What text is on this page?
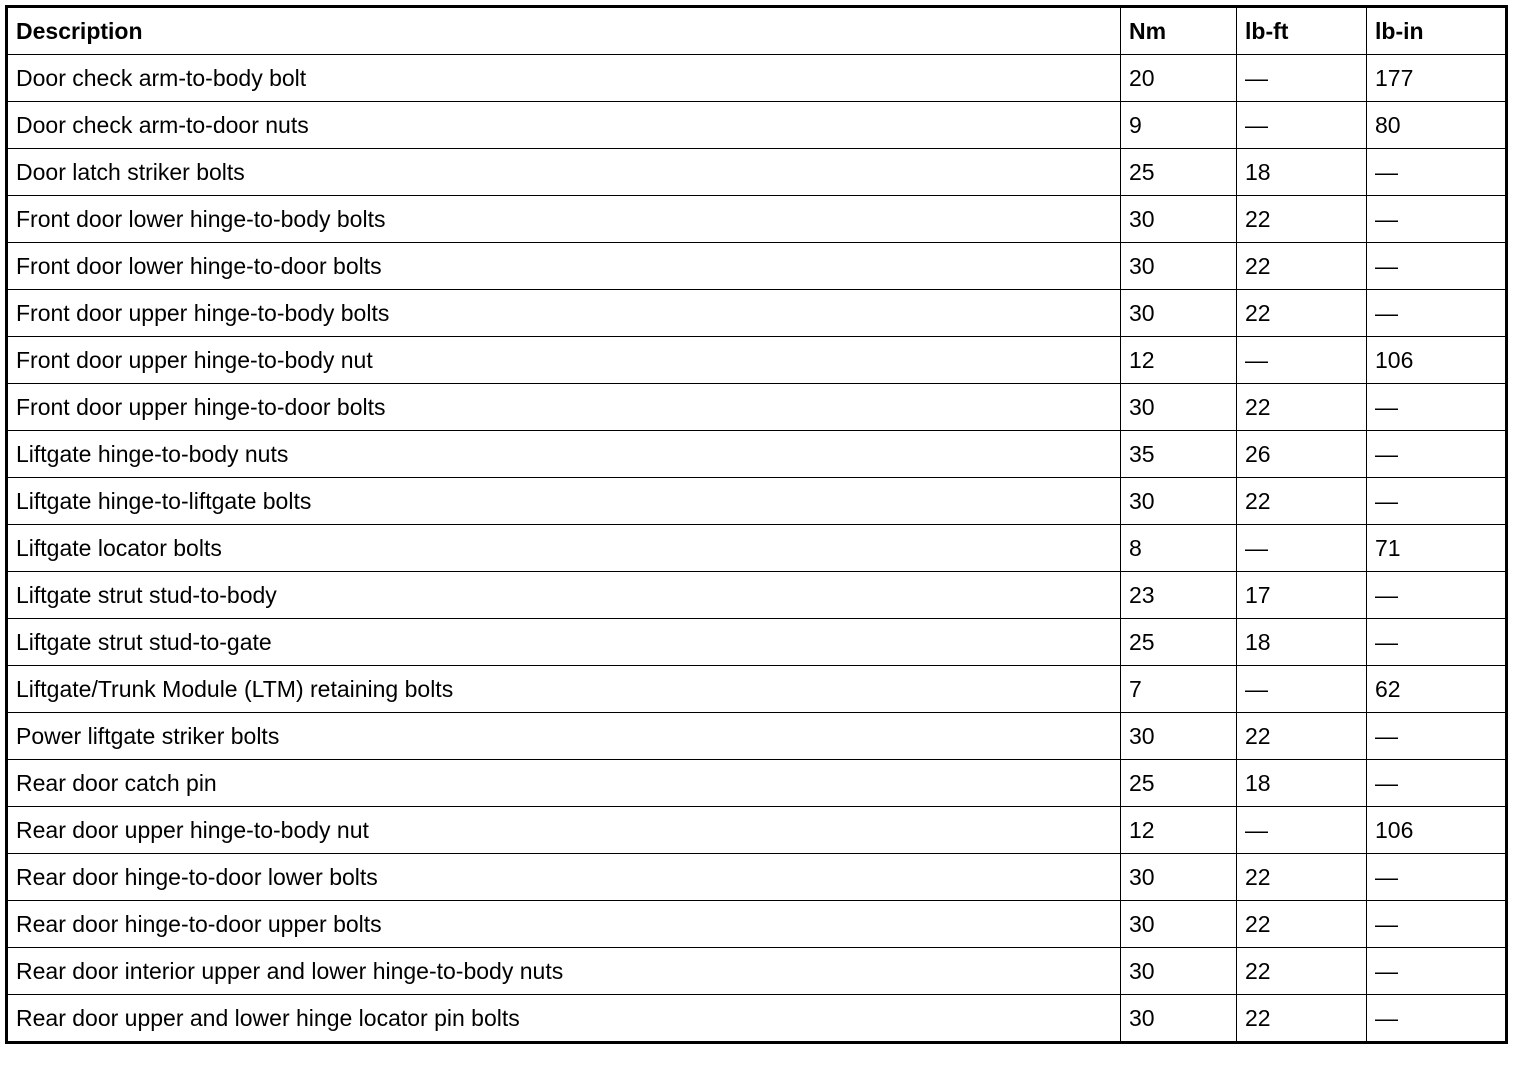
Description	Nm	lb-ft	lb-in
Door check arm-to-body bolt	20	—	177
Door check arm-to-door nuts	9	—	80
Door latch striker bolts	25	18	—
Front door lower hinge-to-body bolts	30	22	—
Front door lower hinge-to-door bolts	30	22	—
Front door upper hinge-to-body bolts	30	22	—
Front door upper hinge-to-body nut	12	—	106
Front door upper hinge-to-door bolts	30	22	—
Liftgate hinge-to-body nuts	35	26	—
Liftgate hinge-to-liftgate bolts	30	22	—
Liftgate locator bolts	8	—	71
Liftgate strut stud-to-body	23	17	—
Liftgate strut stud-to-gate	25	18	—
Liftgate/Trunk Module (LTM) retaining bolts	7	—	62
Power liftgate striker bolts	30	22	—
Rear door catch pin	25	18	—
Rear door upper hinge-to-body nut	12	—	106
Rear door hinge-to-door lower bolts	30	22	—
Rear door hinge-to-door upper bolts	30	22	—
Rear door interior upper and lower hinge-to-body nuts	30	22	—
Rear door upper and lower hinge locator pin bolts	30	22	—
